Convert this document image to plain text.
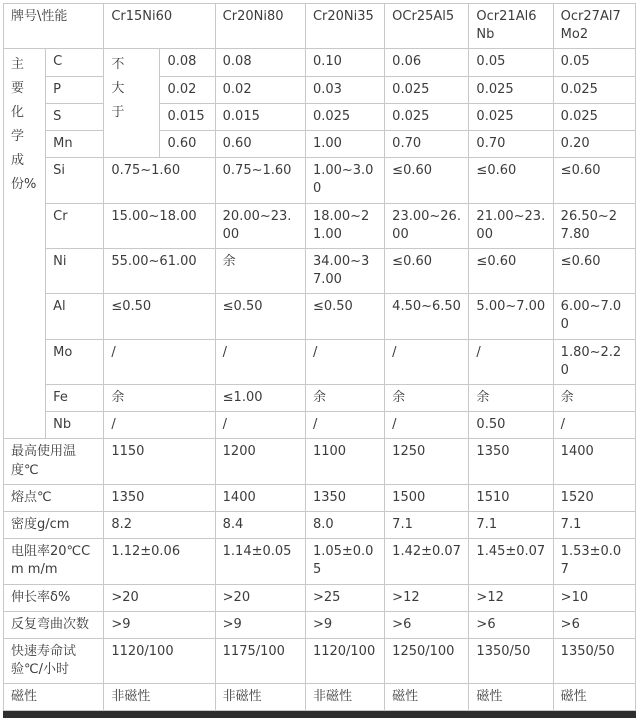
牌号\性能		Cr15Ni60		Cr20Ni80	Cr20Ni35	OCr25Al5	Ocr21Al6Nb	Ocr27Al7Mo2
主要化学成份%	C	不大于	0.08	0.08	0.10	0.06	0.05	0.05
	P		0.02	0.02	0.03	0.025	0.025	0.025
	S		0.015	0.015	0.025	0.025	0.025	0.025
	Mn		0.60	0.60	1.00	0.70	0.70	0.20
	Si	0.75~1.60		0.75~1.60	1.00~3.00	≤0.60	≤0.60	≤0.60
	Cr	15.00~18.00		20.00~23.00	18.00~21.00	23.00~26.00	21.00~23.00	26.50~27.80
	Ni	55.00~61.00		余	34.00~37.00	≤0.60	≤0.60	≤0.60
	Al	≤0.50		≤0.50	≤0.50	4.50~6.50	5.00~7.00	6.00~7.00
	Mo	/		/	/	/	/	1.80~2.20
	Fe	余		≤1.00	余	余	余	余
	Nb	/		/	/	/	0.50	/
最高使用温度℃		1150		1200	1100	1250	1350	1400
熔点℃		1350		1400	1350	1500	1510	1520
密度g/cm		8.2		8.4	8.0	7.1	7.1	7.1
电阻率20℃Cm m/m		1.12±0.06		1.14±0.05	1.05±0.05	1.42±0.07	1.45±0.07	1.53±0.07
伸长率δ%		>20		>20	>25	>12	>12	>10
反复弯曲次数		>9		>9	>9	>6	>6	>6
快速寿命试验℃/小时		1120/100		1175/100	1120/100	1250/100	1350/50	1350/50
磁性		非磁性		非磁性	非磁性	磁性	磁性	磁性
